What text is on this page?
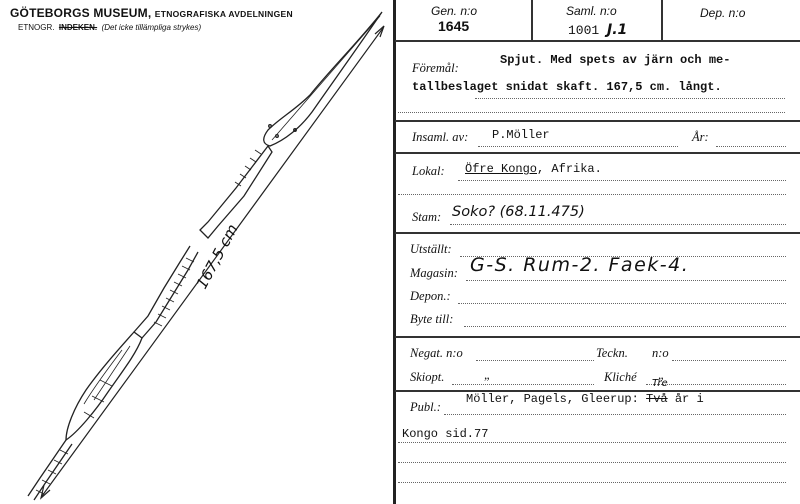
GÖTEBORGS MUSEUM, ETNOGRAFISKA AVDELNINGEN
ETNOGR. INDEKEN. (Det icke tillämpliga strykes)
167,5 cm
Gen. n:o
1645
Saml. n:o
1001 J.1
Dep. n:o
Föremål:
Spjut. Med spets av järn och me-
tallbeslaget snidat skaft. 167,5 cm. långt.
Insaml. av: P.Möller	År:
Lokal: Öfre Kongo, Afrika.
Stam: Soko? (68.11.475)
Utställt:
Magasin: G-S. Rum-2. Faek-4.
Depon.:
Byte till:
Negat. n:o	Teckn. n:o
Skiopt.	„	Kliché „
Publ.:
Möller, Pagels, Gleerup: Två
Tre
år i
Kongo sid.77
